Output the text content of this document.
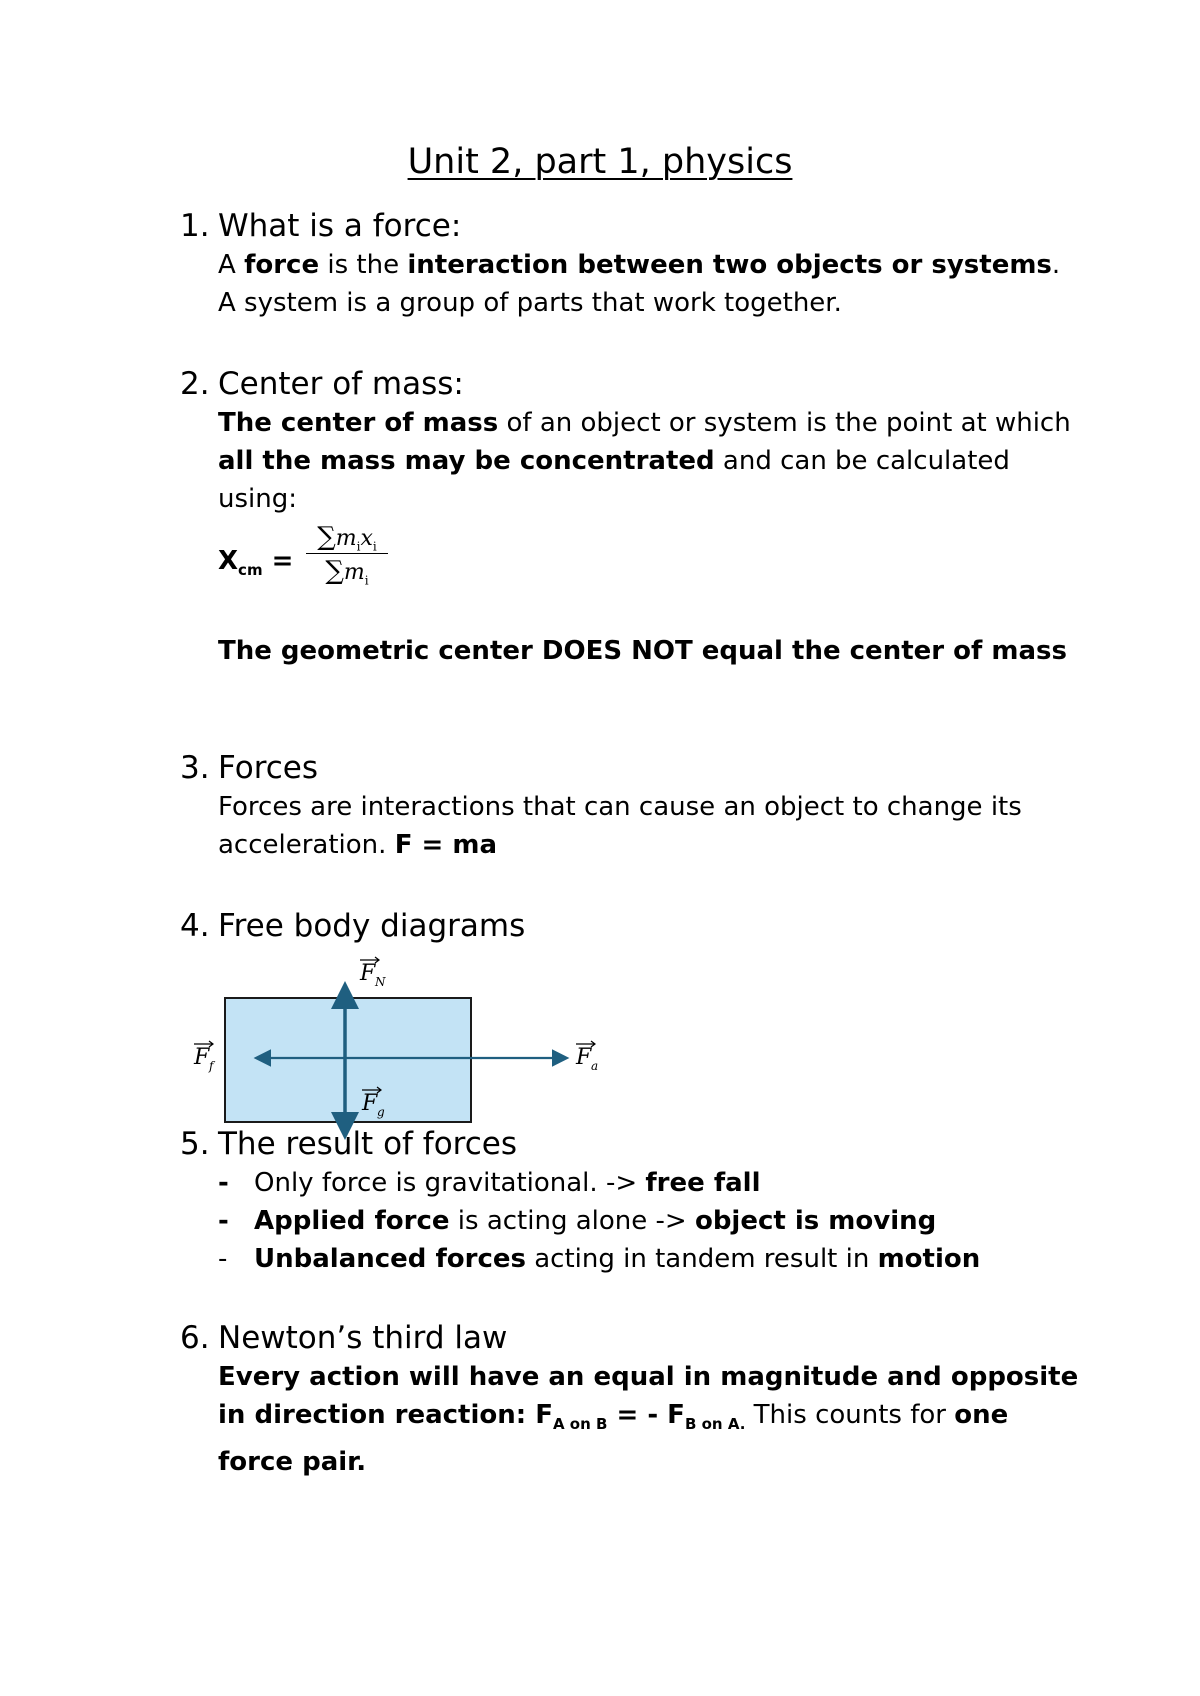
Unit 2, part 1, physics
1. What is a force:

A force is the interaction between two objects or systems. A system is a group of parts that work together.

2. Center of mass:

The center of mass of an object or system is the point at which all the mass may be concentrated and can be calculated using:

$X_{cm}$ =
$\sum m_ix_i$
$\sum m_i$

The geometric center DOES NOT equal the center of mass

3. Forces

Forces are interactions that can cause an object to change its acceleration. F = ma

4. Free body diagrams
F N
F f	F a
F g
5. The result of forces
- Only force is gravitational. -> free fall
- Applied force is acting alone -> object is moving
- Unbalanced forces acting in tandem result in motion
6. Newton’s third law

Every action will have an equal in magnitude and opposite in direction reaction: $F_{A on B}$ = - $F_{B on A.}$ This counts for one force pair.
